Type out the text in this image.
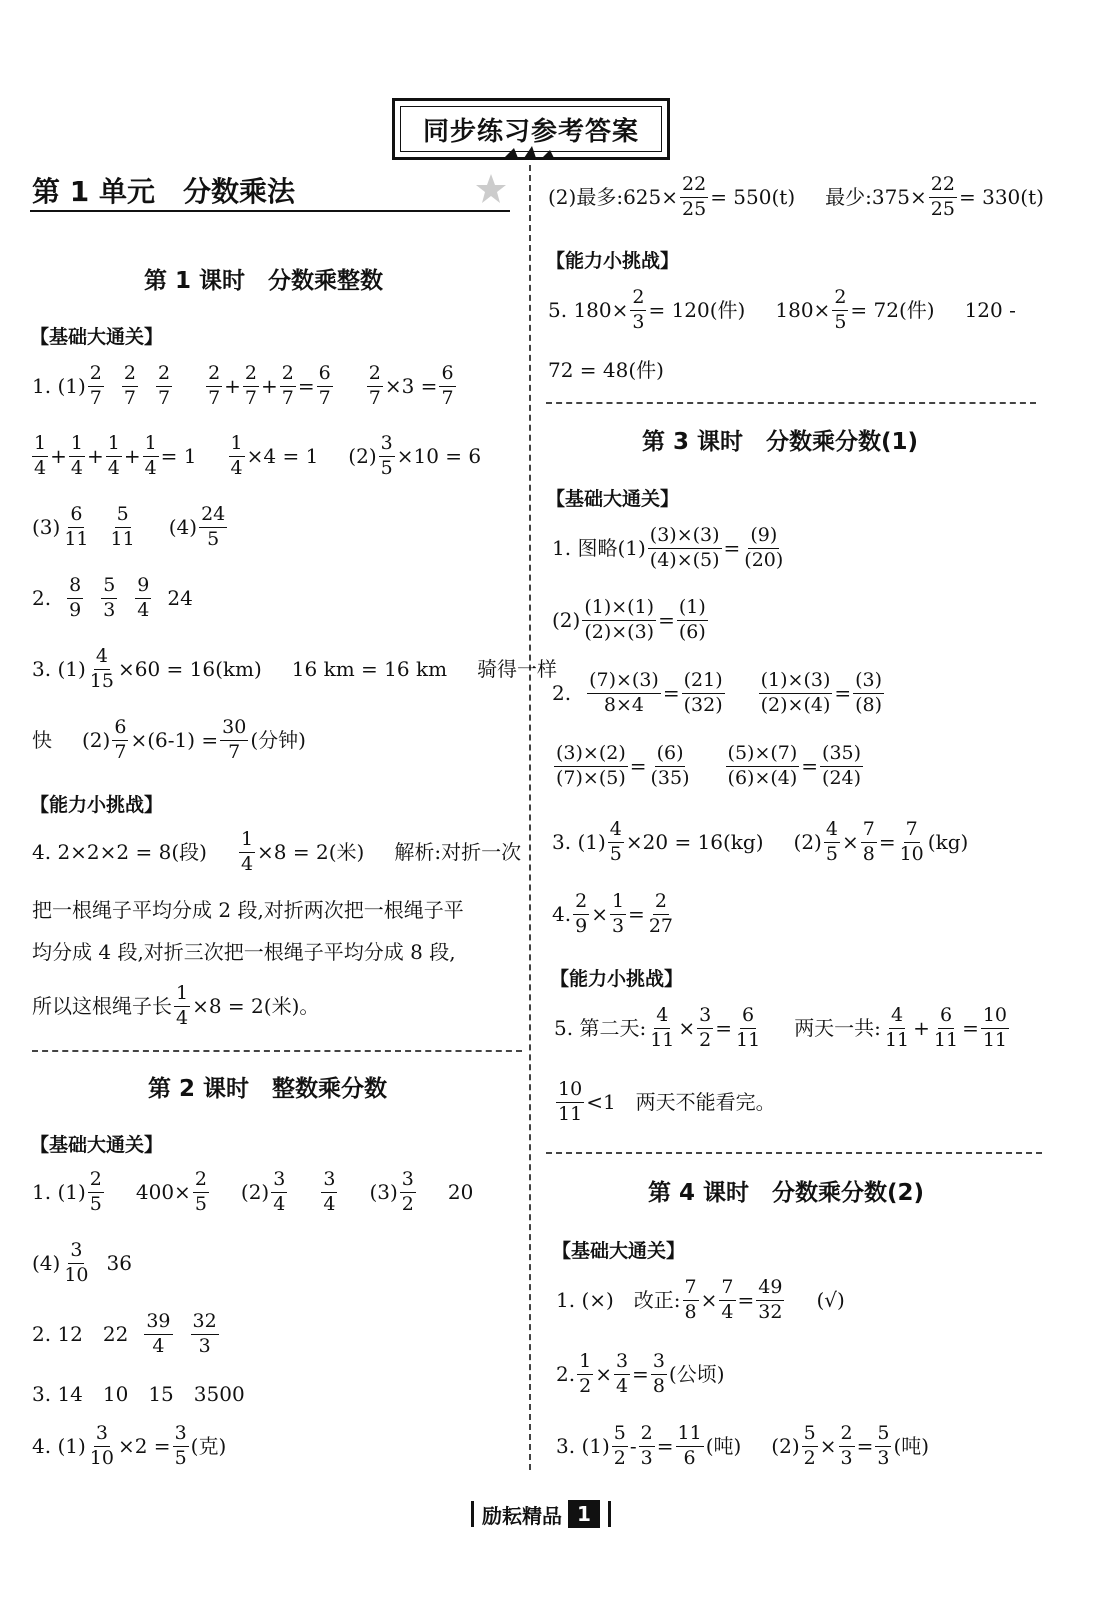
同步练习参考答案
第 1 单元　分数乘法
第 1 课时　分数乘整数
【基础大通关】
1. $(1) \frac{2}{7} \frac{2}{7} \frac{2}{7} \frac{2}{7} + \frac{2}{7} + \frac{2}{7} = \frac{6}{7} \frac{2}{7} \times 3 = \frac{6}{7}$
$\frac{1}{4} + \frac{1}{4} + \frac{1}{4} + \frac{1}{4} = 1 \frac{1}{4} \times 4 = 1$ $(2) \frac{3}{5} \times 10 = 6$
$(3) \frac{6}{11} \frac{5}{11} (4) \frac{24}{5}$
2. $\frac{8}{9} \frac{5}{3} \frac{9}{4} 24$
3. $(1) \frac{4}{15} \times 60 = 16(km)$ 16 km = 16 km 骑得一样
快 $(2) \frac{6}{7} \times(6-1) = \frac{30}{7}$ (分钟)
【能力小挑战】
4. 2×2×2 = 8(段) $\frac{1}{4} \times 8 = 2$(米) 解析:对折一次
把一根绳子平均分成 2 段,对折两次把一根绳子平
均分成 4 段,对折三次把一根绳子平均分成 8 段,
所以这根绳子长 $\frac{1}{4} \times 8 = 2$(米)。
第 2 课时　整数乘分数
【基础大通关】
1. $(1) \frac{2}{5} 400\times \frac{2}{5} (2) \frac{3}{4} \frac{3}{4} (3) \frac{3}{2} 20$
$(4) \frac{3}{10} 36$
2. 12　$22 \frac{39}{4} \frac{32}{3}$
3. 14　10　15　3500
4. $(1) \frac{3}{10} \times 2 = \frac{3}{5}$ (克)
(2)最多:625× $\frac{22}{25} = 550(t)$ 最少:375× $\frac{22}{25} = 330(t)$
【能力小挑战】
5. $180\times \frac{2}{3} = 120$(件) $180\times \frac{2}{5} = 72$(件) 120 -
72 = 48(件)
第 3 课时　分数乘分数(1)
【基础大通关】
1. 图略$(1) \frac{(3)\times(3)}{(4)\times(5)} = \frac{(9)}{(20)}$
$(2) \frac{(1)\times(1)}{(2)\times(3)} = \frac{(1)}{(6)}$
2. $\frac{(7)\times(3)}{8\times 4} = \frac{(21)}{(32)} \frac{(1)\times(3)}{(2)\times(4)} = \frac{(3)}{(8)}$
$\frac{(3)\times(2)}{(7)\times(5)} = \frac{(6)}{(35)} \frac{(5)\times(7)}{(6)\times(4)} = \frac{(35)}{(24)}$
3. $(1) \frac{4}{5} \times 20 = 16(kg)$ $(2) \frac{4}{5} \times \frac{7}{8} = \frac{7}{10} (kg)$
4. $\frac{2}{9} \times \frac{1}{3} = \frac{2}{27}$
【能力小挑战】
5. 第二天: $\frac{4}{11} \times \frac{3}{2} = \frac{6}{11}$ 两天一共: $\frac{4}{11} + \frac{6}{11} = \frac{10}{11}$
$\frac{10}{11} <1$　两天不能看完。
第 4 课时　分数乘分数(2)
【基础大通关】
1. (×)　改正: $\frac{7}{8} \times \frac{7}{4} = \frac{49}{32}$ (√)
2. $\frac{1}{2} \times \frac{3}{4} = \frac{3}{8}$ (公顷)
3. $(1) \frac{5}{2} - \frac{2}{3} = \frac{11}{6}$ (吨) $(2) \frac{5}{2} \times \frac{2}{3} = \frac{5}{3}$ (吨)
励耘精品 1
